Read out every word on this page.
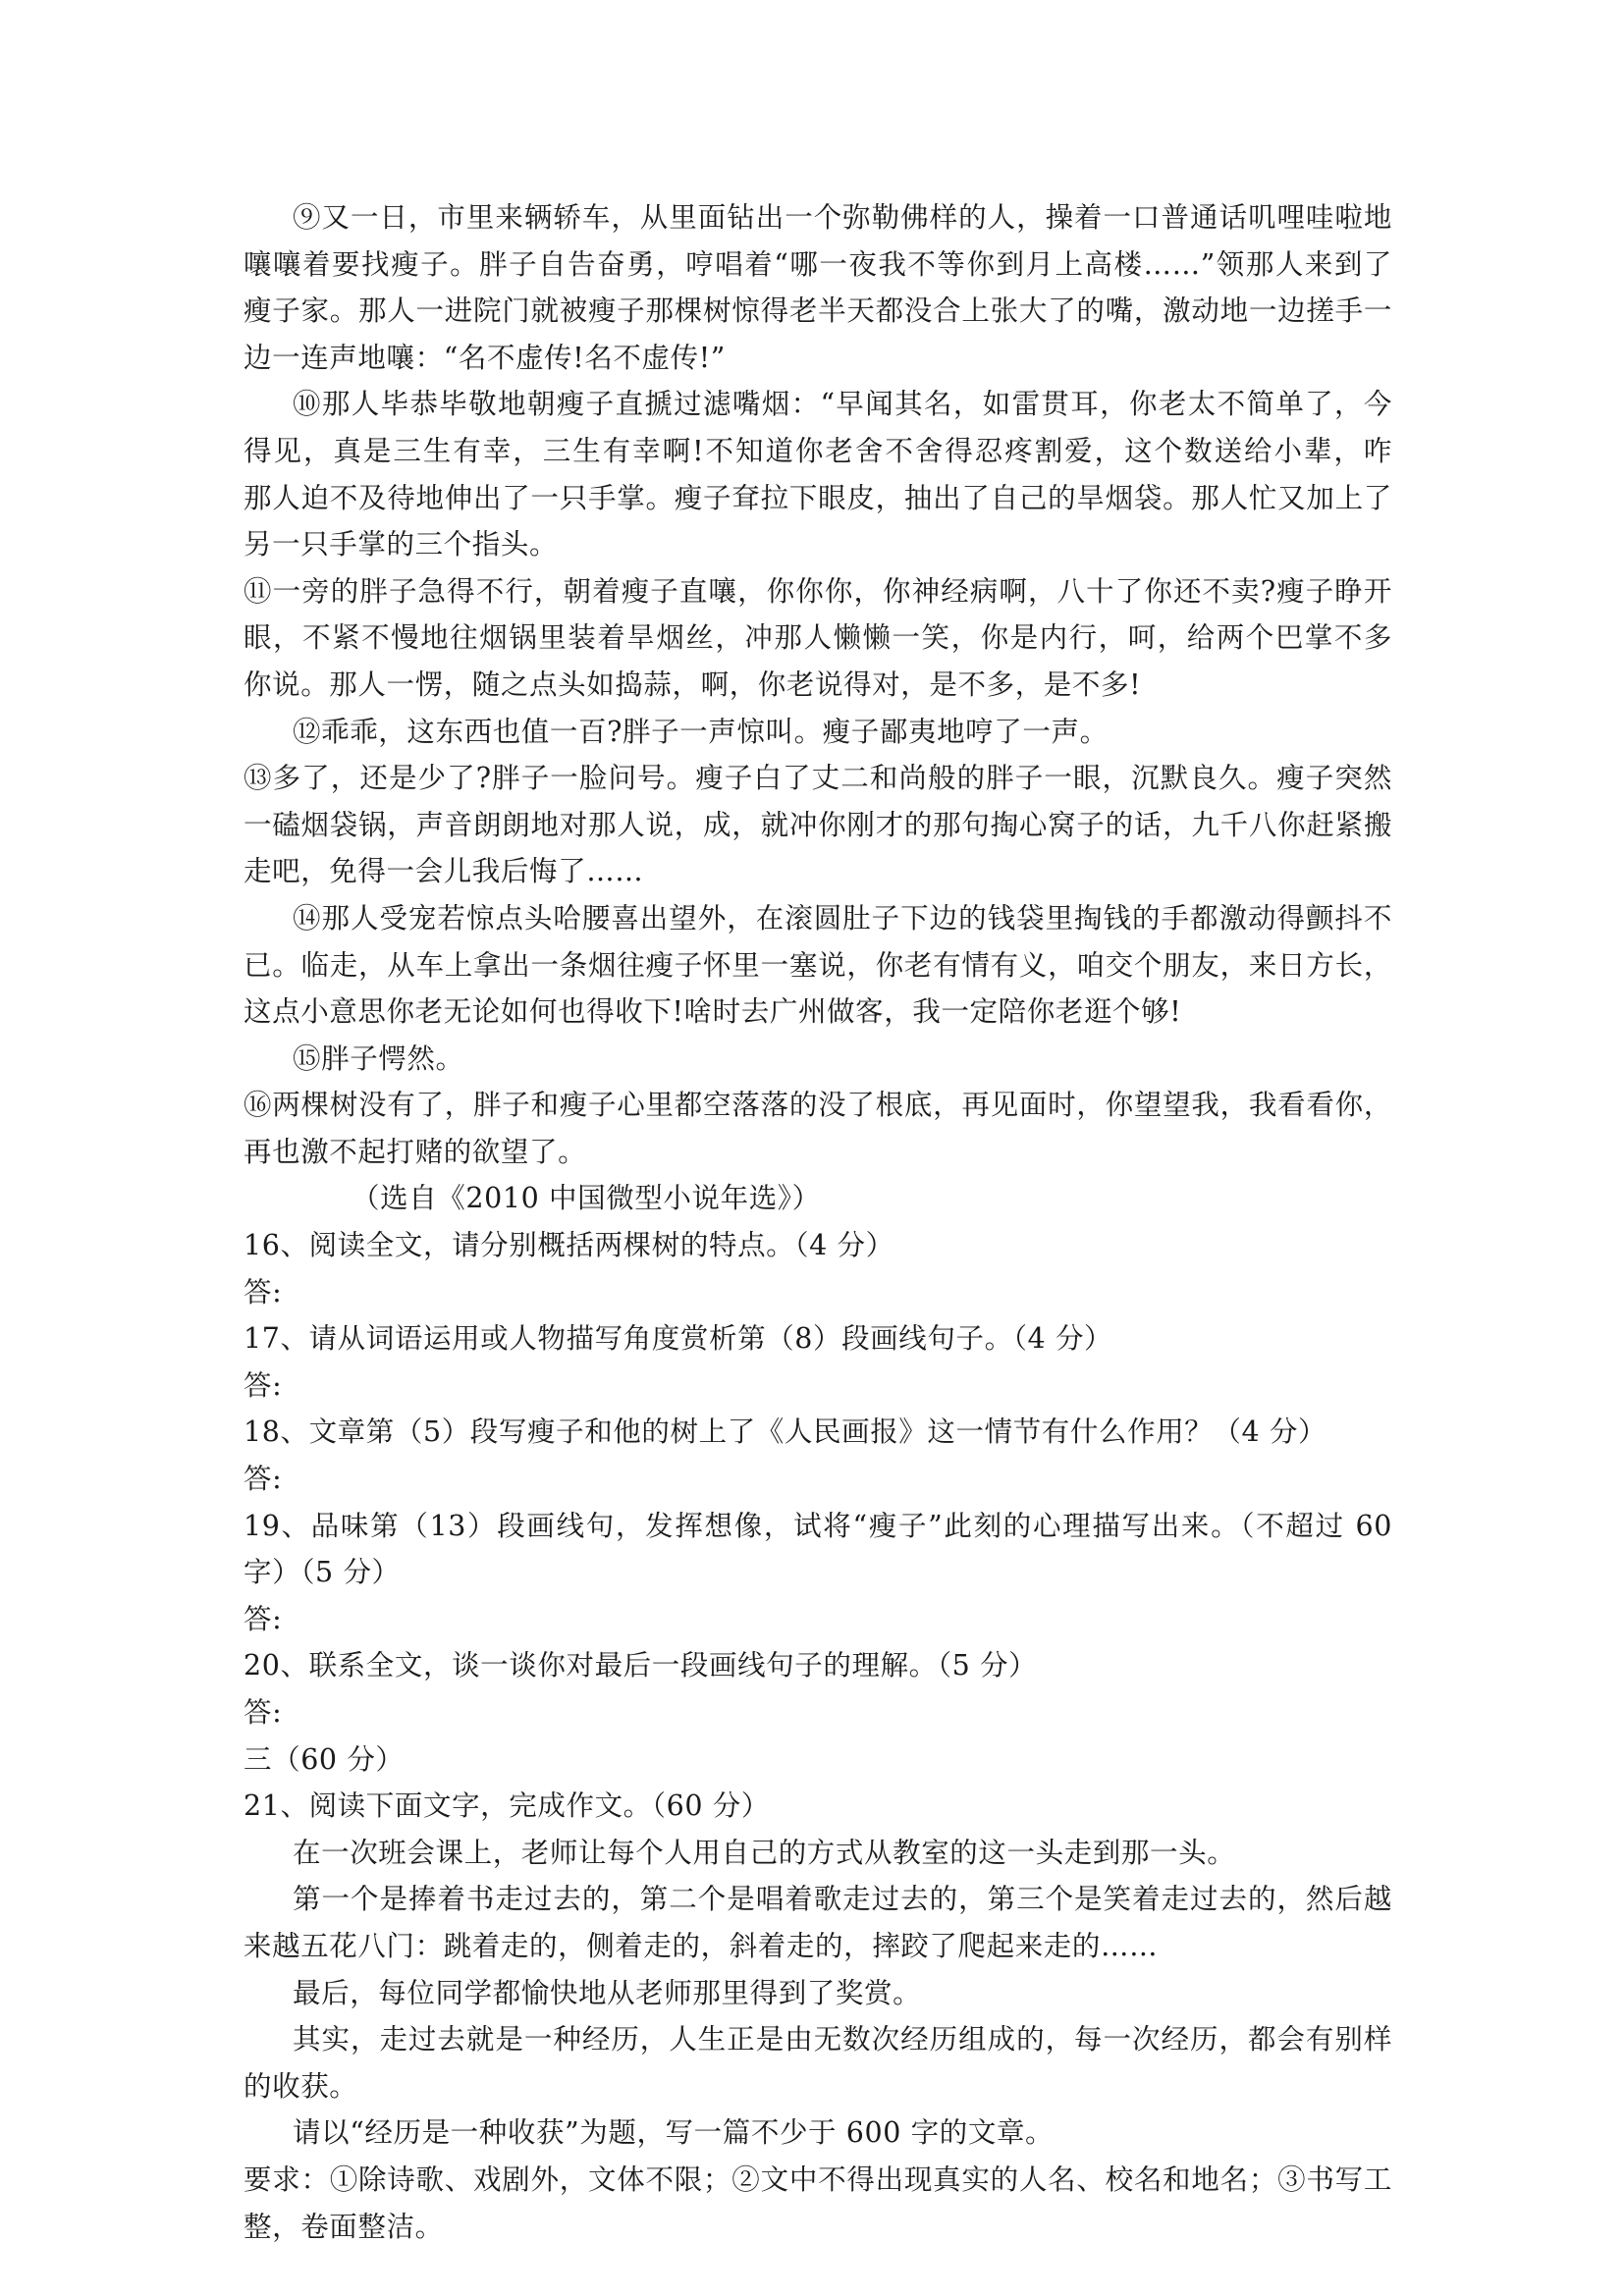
⑨又一日，市里来辆轿车，从里面钻出一个弥勒佛样的人，操着一口普通话叽哩哇啦地
嚷嚷着要找瘦子。胖子自告奋勇，哼唱着“哪一夜我不等你到月上高楼……”领那人来到了
瘦子家。那人一进院门就被瘦子那棵树惊得老半天都没合上张大了的嘴，激动地一边搓手一
边一连声地嚷：“名不虚传!名不虚传!”
⑩那人毕恭毕敬地朝瘦子直搋过滤嘴烟：“早闻其名，如雷贯耳，你老太不简单了，今
得见，真是三生有幸，三生有幸啊!不知道你老舍不舍得忍疼割爱，这个数送给小辈，咋
那人迫不及待地伸出了一只手掌。瘦子耷拉下眼皮，抽出了自己的旱烟袋。那人忙又加上了
另一只手掌的三个指头。
⑪一旁的胖子急得不行，朝着瘦子直嚷，你你你，你神经病啊，八十了你还不卖?瘦子睁开
眼，不紧不慢地往烟锅里装着旱烟丝，冲那人懒懒一笑，你是内行，呵，给两个巴掌不多
你说。那人一愣，随之点头如捣蒜，啊，你老说得对，是不多，是不多!
⑫乖乖，这东西也值一百?胖子一声惊叫。瘦子鄙夷地哼了一声。
⑬多了，还是少了?胖子一脸问号。瘦子白了丈二和尚般的胖子一眼，沉默良久。瘦子突然
一磕烟袋锅，声音朗朗地对那人说，成，就冲你刚才的那句掏心窝子的话，九千八你赶紧搬
走吧，免得一会儿我后悔了……
⑭那人受宠若惊点头哈腰喜出望外，在滚圆肚子下边的钱袋里掏钱的手都激动得颤抖不
已。临走，从车上拿出一条烟往瘦子怀里一塞说，你老有情有义，咱交个朋友，来日方长，
这点小意思你老无论如何也得收下!啥时去广州做客，我一定陪你老逛个够!
⑮胖子愕然。
⑯两棵树没有了，胖子和瘦子心里都空落落的没了根底，再见面时，你望望我，我看看你，
再也激不起打赌的欲望了。
（选自《2010 中国微型小说年选》）
16、阅读全文，请分别概括两棵树的特点。（4 分）
答:
17、请从词语运用或人物描写角度赏析第（8）段画线句子。（4 分）
答:
18、文章第（5）段写瘦子和他的树上了《人民画报》这一情节有什么作用？（4 分）
答:
19、品味第（13）段画线句，发挥想像，试将“瘦子”此刻的心理描写出来。（不超过 60
字）（5 分）
答:
20、联系全文，谈一谈你对最后一段画线句子的理解。（5 分）
答:
三（60 分）
21、阅读下面文字，完成作文。（60 分）
在一次班会课上，老师让每个人用自己的方式从教室的这一头走到那一头。
第一个是捧着书走过去的，第二个是唱着歌走过去的，第三个是笑着走过去的，然后越
来越五花八门：跳着走的，侧着走的，斜着走的，摔跤了爬起来走的……
最后，每位同学都愉快地从老师那里得到了奖赏。
其实，走过去就是一种经历，人生正是由无数次经历组成的，每一次经历，都会有别样
的收获。
请以“经历是一种收获”为题，写一篇不少于 600 字的文章。
要求：①除诗歌、戏剧外，文体不限；②文中不得出现真实的人名、校名和地名；③书写工
整，卷面整洁。
